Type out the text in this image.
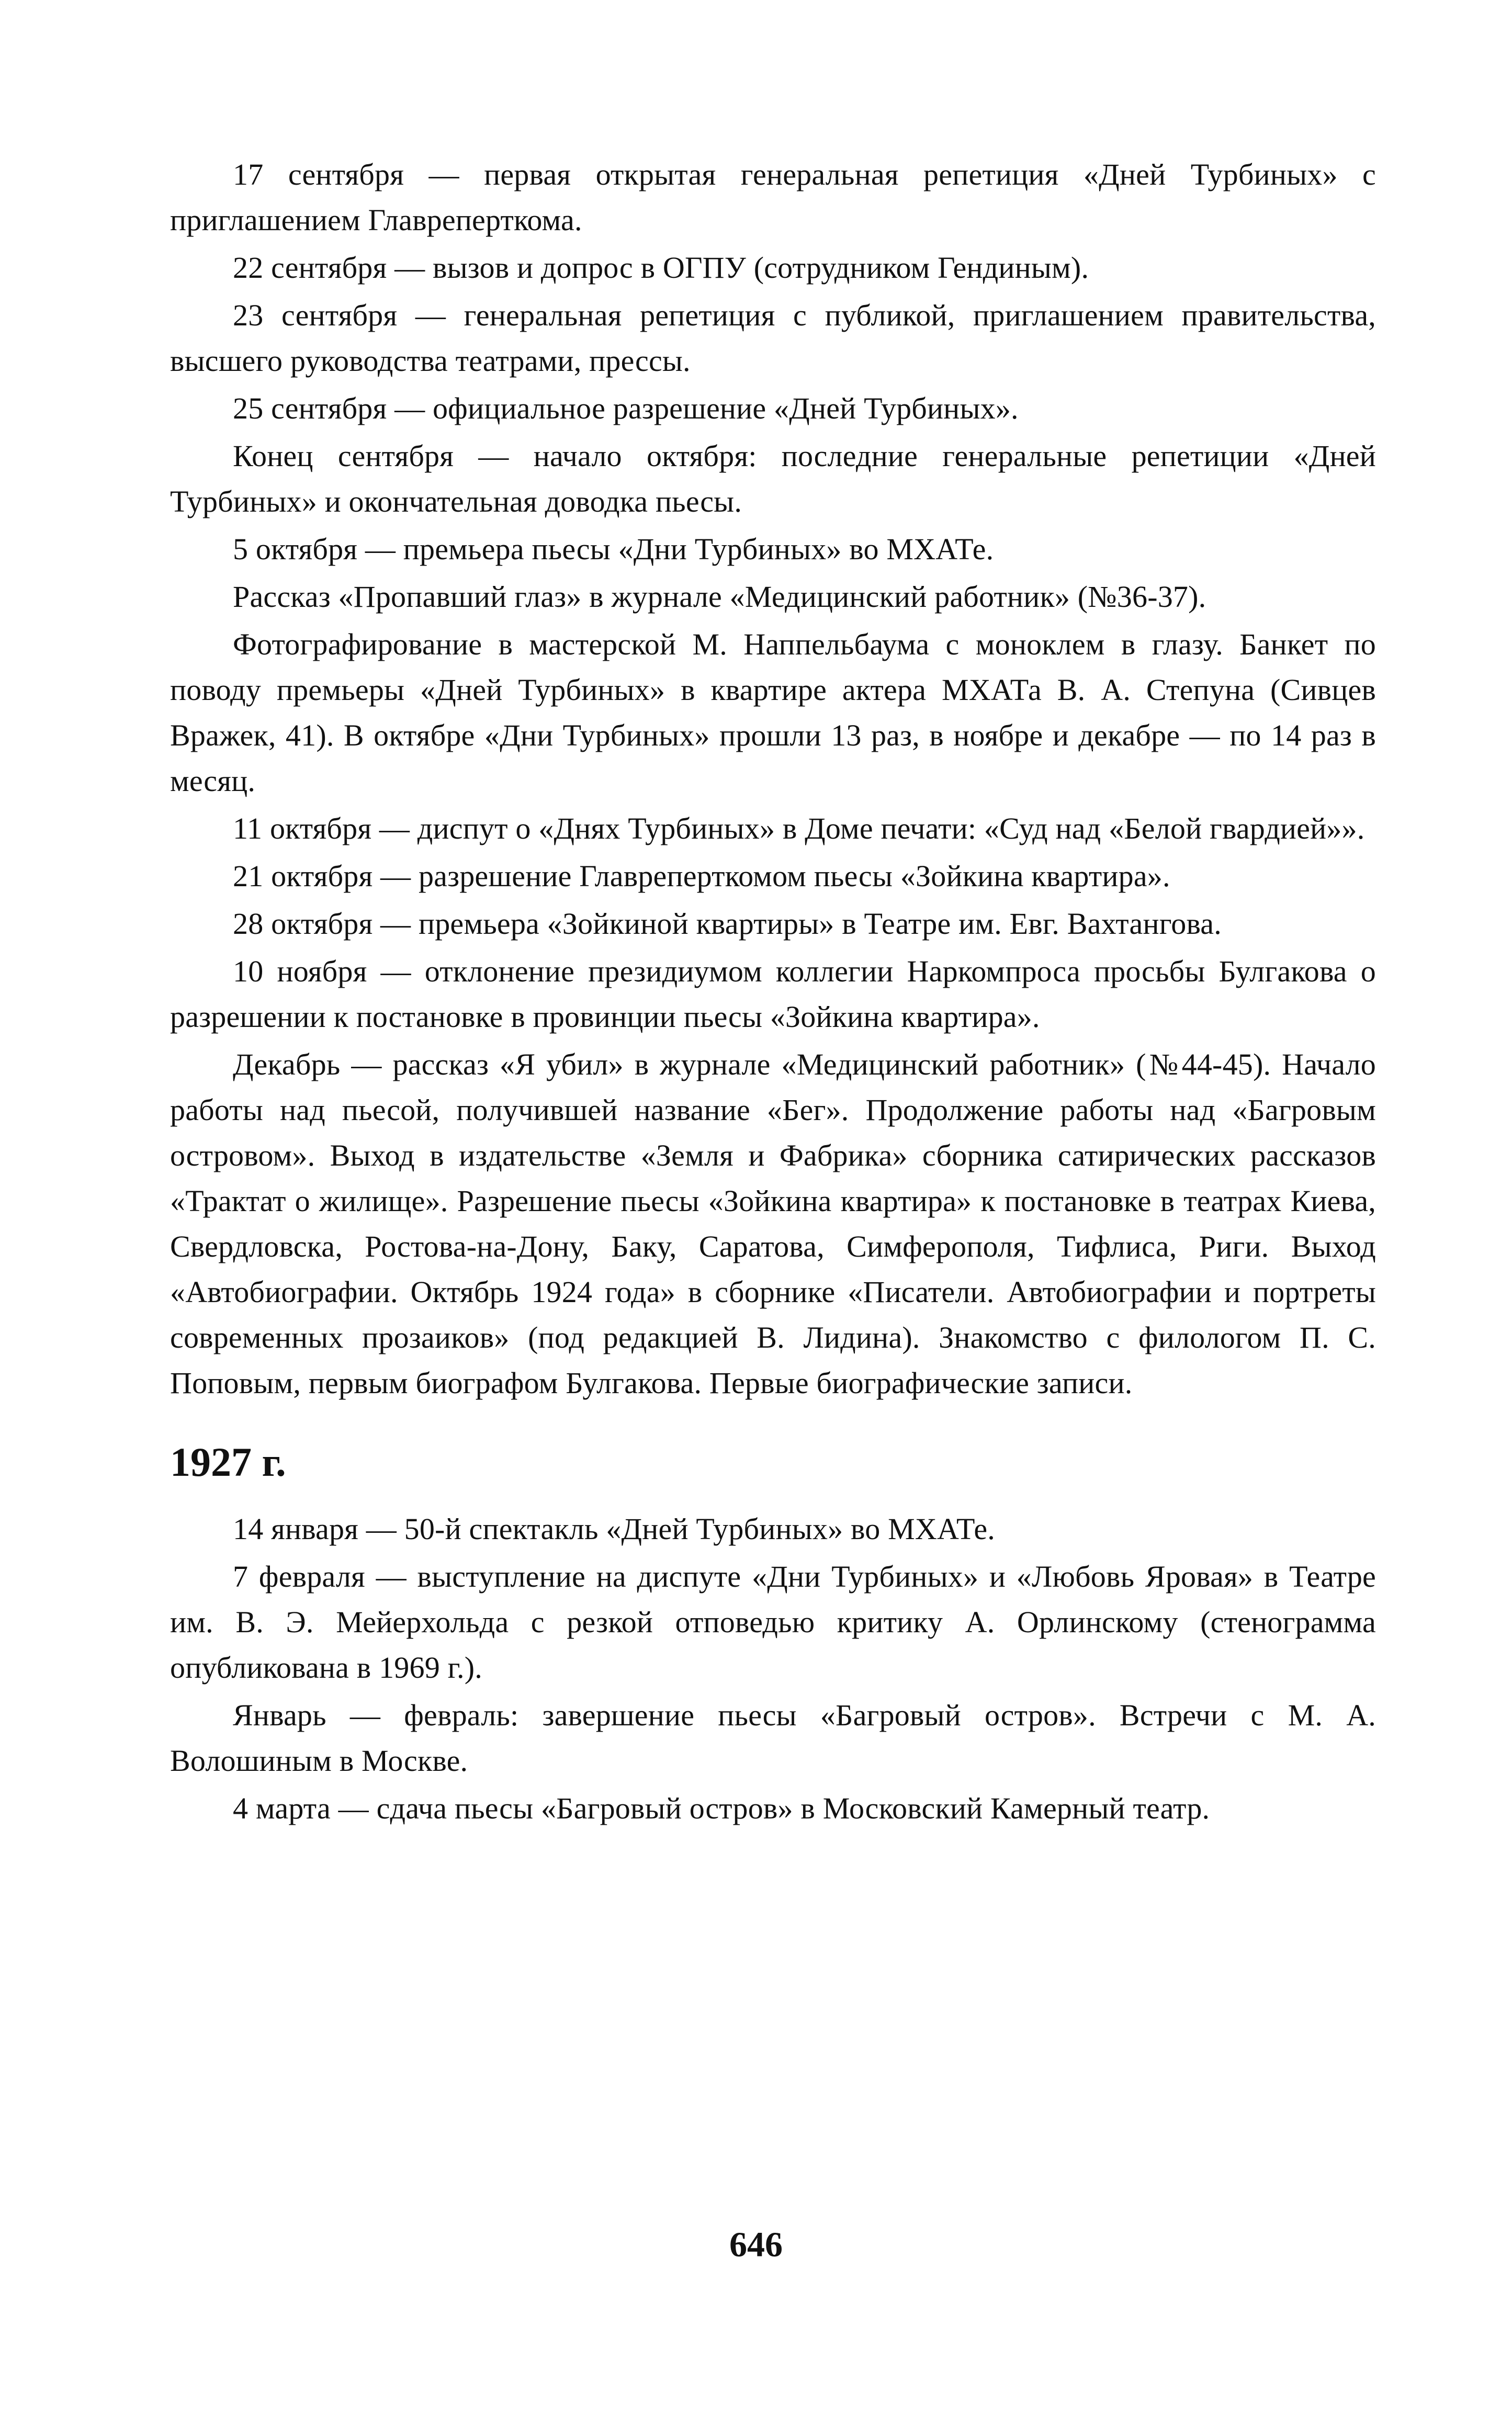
17 сентября — первая открытая генеральная репетиция «Дней Турбиных» с приглашением Главреперткома.

22 сентября — вызов и допрос в ОГПУ (сотрудником Гендиным).

23 сентября — генеральная репетиция с публикой, приглашением правительства, высшего руководства театрами, прессы.

25 сентября — официальное разрешение «Дней Турбиных».

Конец сентября — начало октября: последние генеральные репетиции «Дней Турбиных» и окончательная доводка пьесы.

5 октября — премьера пьесы «Дни Турбиных» во МХАТе.

Рассказ «Пропавший глаз» в журнале «Медицинский работник» (№36-37).

Фотографирование в мастерской М. Наппельбаума с моноклем в глазу. Банкет по поводу премьеры «Дней Турбиных» в квартире актера МХАТа В. А. Степуна (Сивцев Вражек, 41). В октябре «Дни Турбиных» прошли 13 раз, в ноябре и декабре — по 14 раз в месяц.

11 октября — диспут о «Днях Турбиных» в Доме печати: «Суд над «Белой гвардией»».

21 октября — разрешение Главреперткомом пьесы «Зойкина квартира».

28 октября — премьера «Зойкиной квартиры» в Театре им. Евг. Вахтангова.

10 ноября — отклонение президиумом коллегии Наркомпроса просьбы Булгакова о разрешении к постановке в провинции пьесы «Зойкина квартира».

Декабрь — рассказ «Я убил» в журнале «Медицинский работник» (№44-45). Начало работы над пьесой, получившей название «Бег». Продолжение работы над «Багровым островом». Выход в издательстве «Земля и Фабрика» сборника сатирических рассказов «Трактат о жилище». Разрешение пьесы «Зойкина квартира» к постановке в театрах Киева, Свердловска, Ростова-на-Дону, Баку, Саратова, Симферополя, Тифлиса, Риги. Выход «Автобиографии. Октябрь 1924 года» в сборнике «Писатели. Автобиографии и портреты современных прозаиков» (под редакцией В. Лидина). Знакомство с филологом П. С. Поповым, первым биографом Булгакова. Первые биографические записи.

1927 г.

14 января — 50-й спектакль «Дней Турбиных» во МХАТе.

7 февраля — выступление на диспуте «Дни Турбиных» и «Любовь Яровая» в Театре им. В. Э. Мейерхольда с резкой отповедью критику А. Орлинскому (стенограмма опубликована в 1969 г.).

Январь — февраль: завершение пьесы «Багровый остров». Встречи с М. А. Волошиным в Москве.

4 марта — сдача пьесы «Багровый остров» в Московский Камерный театр.

646
